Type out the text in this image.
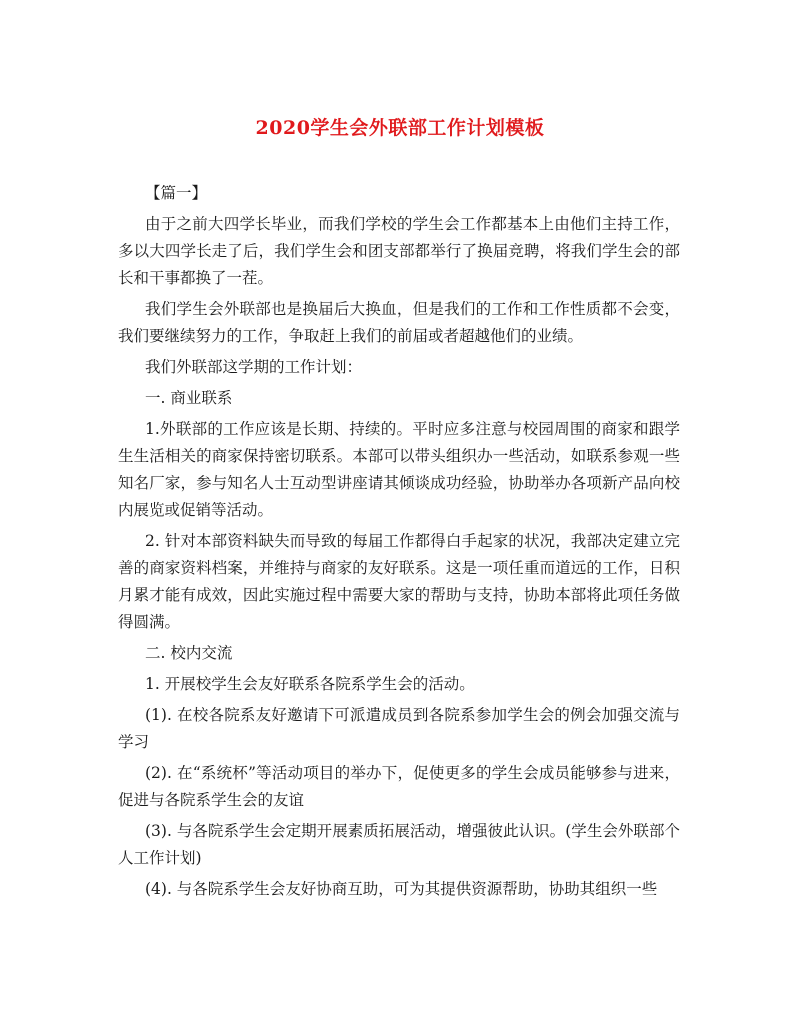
2020学生会外联部工作计划模板

【篇一】

由于之前大四学长毕业，而我们学校的学生会工作都基本上由他们主持工作，多以大四学长走了后，我们学生会和团支部都举行了换届竞聘，将我们学生会的部长和干事都换了一茬。

我们学生会外联部也是换届后大换血，但是我们的工作和工作性质都不会变，我们要继续努力的工作，争取赶上我们的前届或者超越他们的业绩。

我们外联部这学期的工作计划：

一. 商业联系

1.外联部的工作应该是长期、持续的。平时应多注意与校园周围的商家和跟学生生活相关的商家保持密切联系。本部可以带头组织办一些活动，如联系参观一些知名厂家，参与知名人士互动型讲座请其倾谈成功经验，协助举办各项新产品向校内展览或促销等活动。

2. 针对本部资料缺失而导致的每届工作都得白手起家的状况，我部决定建立完善的商家资料档案，并维持与商家的友好联系。这是一项任重而道远的工作，日积月累才能有成效，因此实施过程中需要大家的帮助与支持，协助本部将此项任务做得圆满。

二. 校内交流

1. 开展校学生会友好联系各院系学生会的活动。

(1). 在校各院系友好邀请下可派遣成员到各院系参加学生会的例会加强交流与学习

(2). 在“系统杯”等活动项目的举办下，促使更多的学生会成员能够参与进来，促进与各院系学生会的友谊

(3). 与各院系学生会定期开展素质拓展活动，增强彼此认识。(学生会外联部个人工作计划)

(4). 与各院系学生会友好协商互助，可为其提供资源帮助，协助其组织一些
